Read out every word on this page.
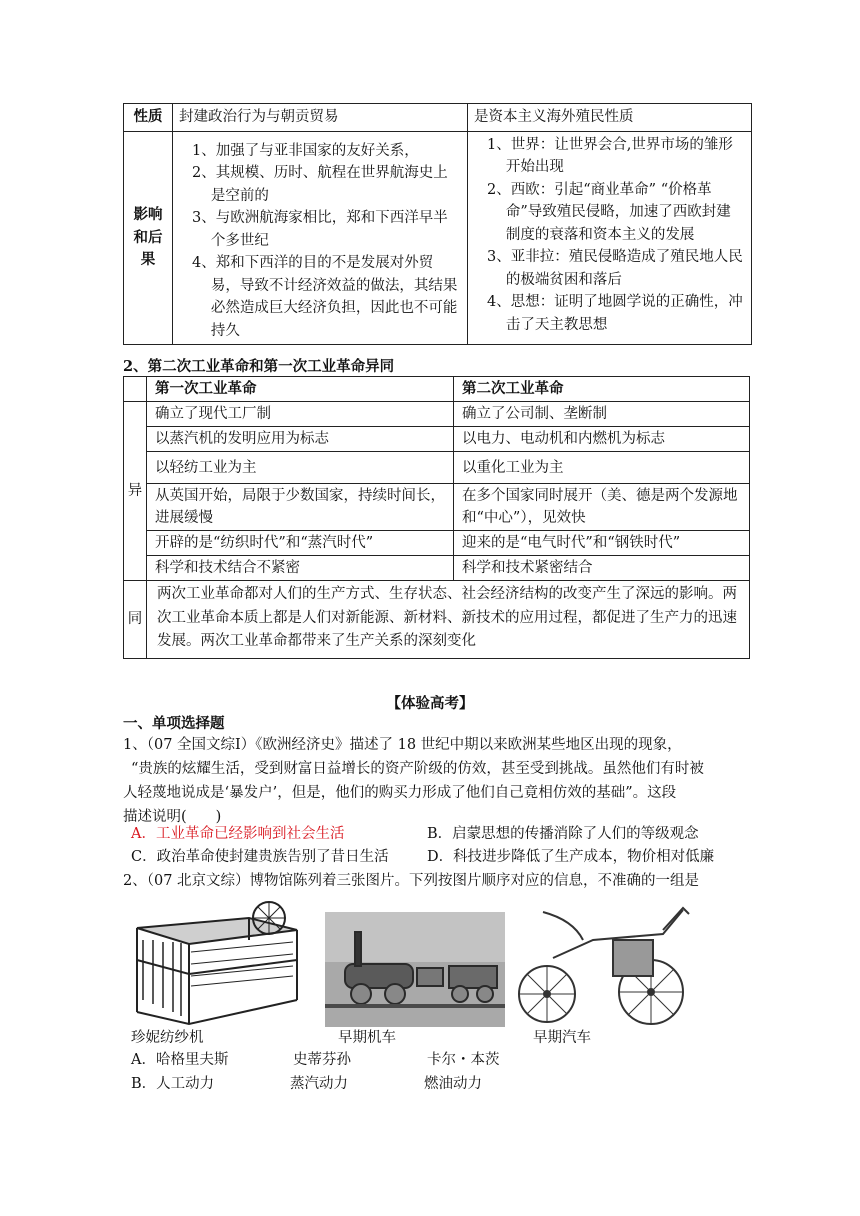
性质	封建政治行为与朝贡贸易	是资本主义海外殖民性质
影响和后果	1、加强了与亚非国家的友好关系，
2、其规模、历时、航程在世界航海史上是空前的
3、与欧洲航海家相比，郑和下西洋早半个多世纪
4、郑和下西洋的目的不是发展对外贸易，导致不计经济效益的做法，其结果必然造成巨大经济负担，因此也不可能持久	1、世界：让世界会合,世界市场的雏形开始出现
2、西欧：引起“商业革命” “价格革命”导致殖民侵略，加速了西欧封建制度的衰落和资本主义的发展
3、亚非拉：殖民侵略造成了殖民地人民的极端贫困和落后
4、思想：证明了地圆学说的正确性，冲击了天主教思想
2、第二次工业革命和第一次工业革命异同
	第一次工业革命	第二次工业革命
异	确立了现代工厂制	确立了公司制、垄断制
	以蒸汽机的发明应用为标志	以电力、电动机和内燃机为标志
	以轻纺工业为主	以重化工业为主
	从英国开始，局限于少数国家，持续时间长，进展缓慢	在多个国家同时展开（美、德是两个发源地和“中心”），见效快
	开辟的是“纺织时代”和“蒸汽时代”	迎来的是“电气时代”和“钢铁时代”
	科学和技术结合不紧密	科学和技术紧密结合
同	两次工业革命都对人们的生产方式、生存状态、社会经济结构的改变产生了深远的影响。两次工业革命本质上都是人们对新能源、新材料、新技术的应用过程，都促进了生产力的迅速发展。两次工业革命都带来了生产关系的深刻变化	
【体验高考】
一、单项选择题
1、（07 全国文综Ⅰ）《欧洲经济史》描述了 18 世纪中期以来欧洲某些地区出现的现象，
“贵族的炫耀生活，受到财富日益增长的资产阶级的仿效，甚至受到挑战。虽然他们有时被
人轻蔑地说成是‘暴发户’，但是，他们的购买力形成了他们自己竟相仿效的基础”。这段
描述说明(　　)
A．工业革命已经影响到社会生活	B．启蒙思想的传播消除了人们的等级观念
C．政治革命使封建贵族告别了昔日生活	D．科技进步降低了生产成本，物价相对低廉
2、（07 北京文综）博物馆陈列着三张图片。下列按图片顺序对应的信息，不准确的一组是
珍妮纺纱机	早期机车	早期汽车
A．哈格里夫斯	史蒂芬孙	卡尔・本茨
B．人工动力	蒸汽动力	燃油动力
